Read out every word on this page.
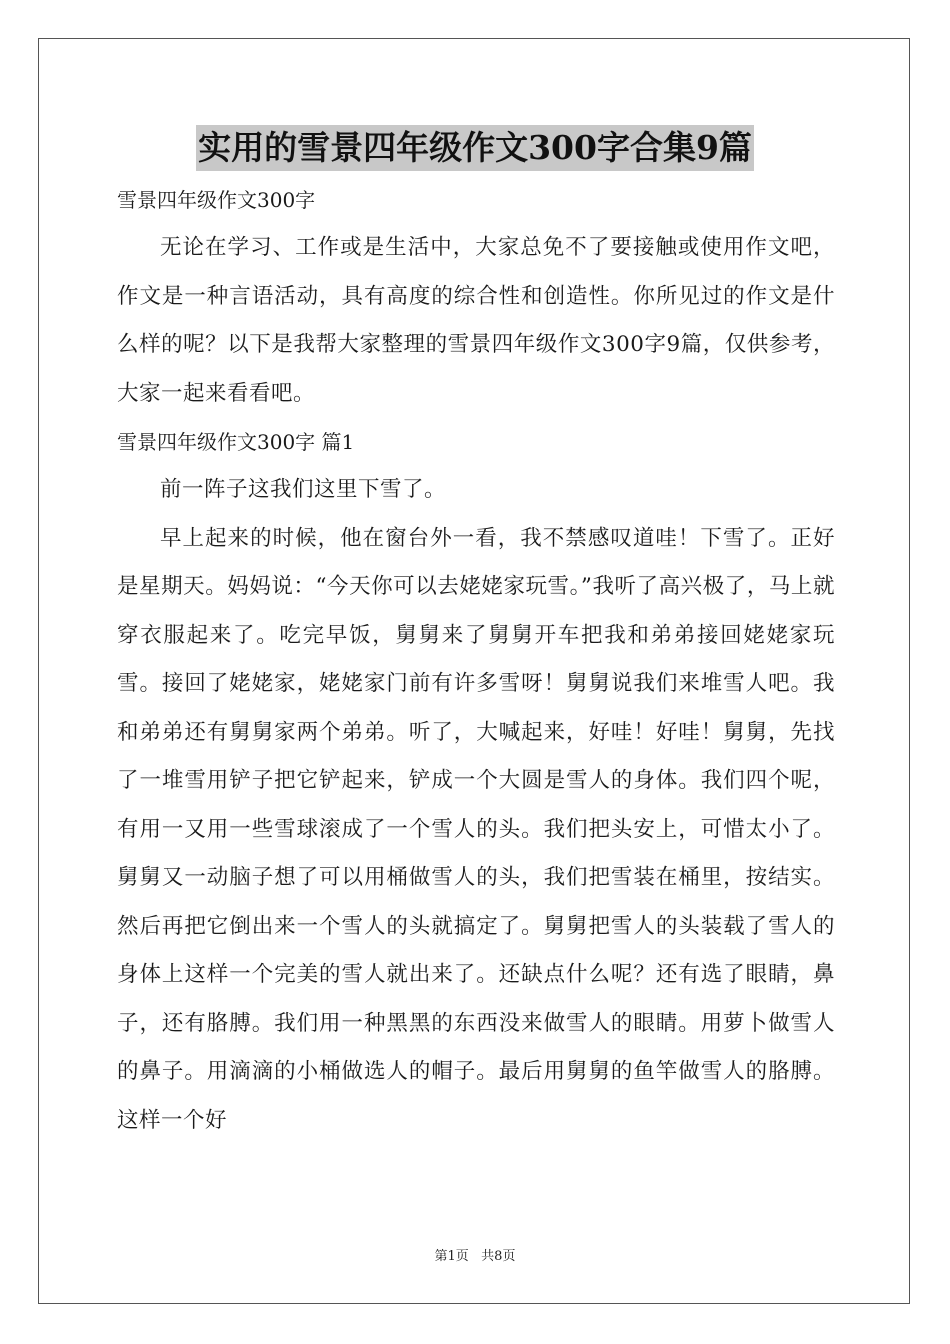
实用的雪景四年级作文300字合集9篇
雪景四年级作文300字

无论在学习、工作或是生活中，大家总免不了要接触或使用作文吧，作文是一种言语活动，具有高度的综合性和创造性。你所见过的作文是什么样的呢？以下是我帮大家整理的雪景四年级作文300字9篇，仅供参考，大家一起来看看吧。

雪景四年级作文300字 篇1

前一阵子这我们这里下雪了。

早上起来的时候，他在窗台外一看，我不禁感叹道哇！下雪了。正好是星期天。妈妈说：“今天你可以去姥姥家玩雪。”我听了高兴极了，马上就穿衣服起来了。吃完早饭，舅舅来了舅舅开车把我和弟弟接回姥姥家玩雪。接回了姥姥家，姥姥家门前有许多雪呀！舅舅说我们来堆雪人吧。我和弟弟还有舅舅家两个弟弟。听了，大喊起来，好哇！好哇！舅舅，先找了一堆雪用铲子把它铲起来，铲成一个大圆是雪人的身体。我们四个呢，有用一又用一些雪球滚成了一个雪人的头。我们把头安上，可惜太小了。舅舅又一动脑子想了可以用桶做雪人的头，我们把雪装在桶里，按结实。然后再把它倒出来一个雪人的头就搞定了。舅舅把雪人的头装载了雪人的身体上这样一个完美的雪人就出来了。还缺点什么呢？还有选了眼睛，鼻子，还有胳膊。我们用一种黑黑的东西没来做雪人的眼睛。用萝卜做雪人的鼻子。用滴滴的小桶做选人的帽子。最后用舅舅的鱼竿做雪人的胳膊。这样一个好

第1页   共8页
